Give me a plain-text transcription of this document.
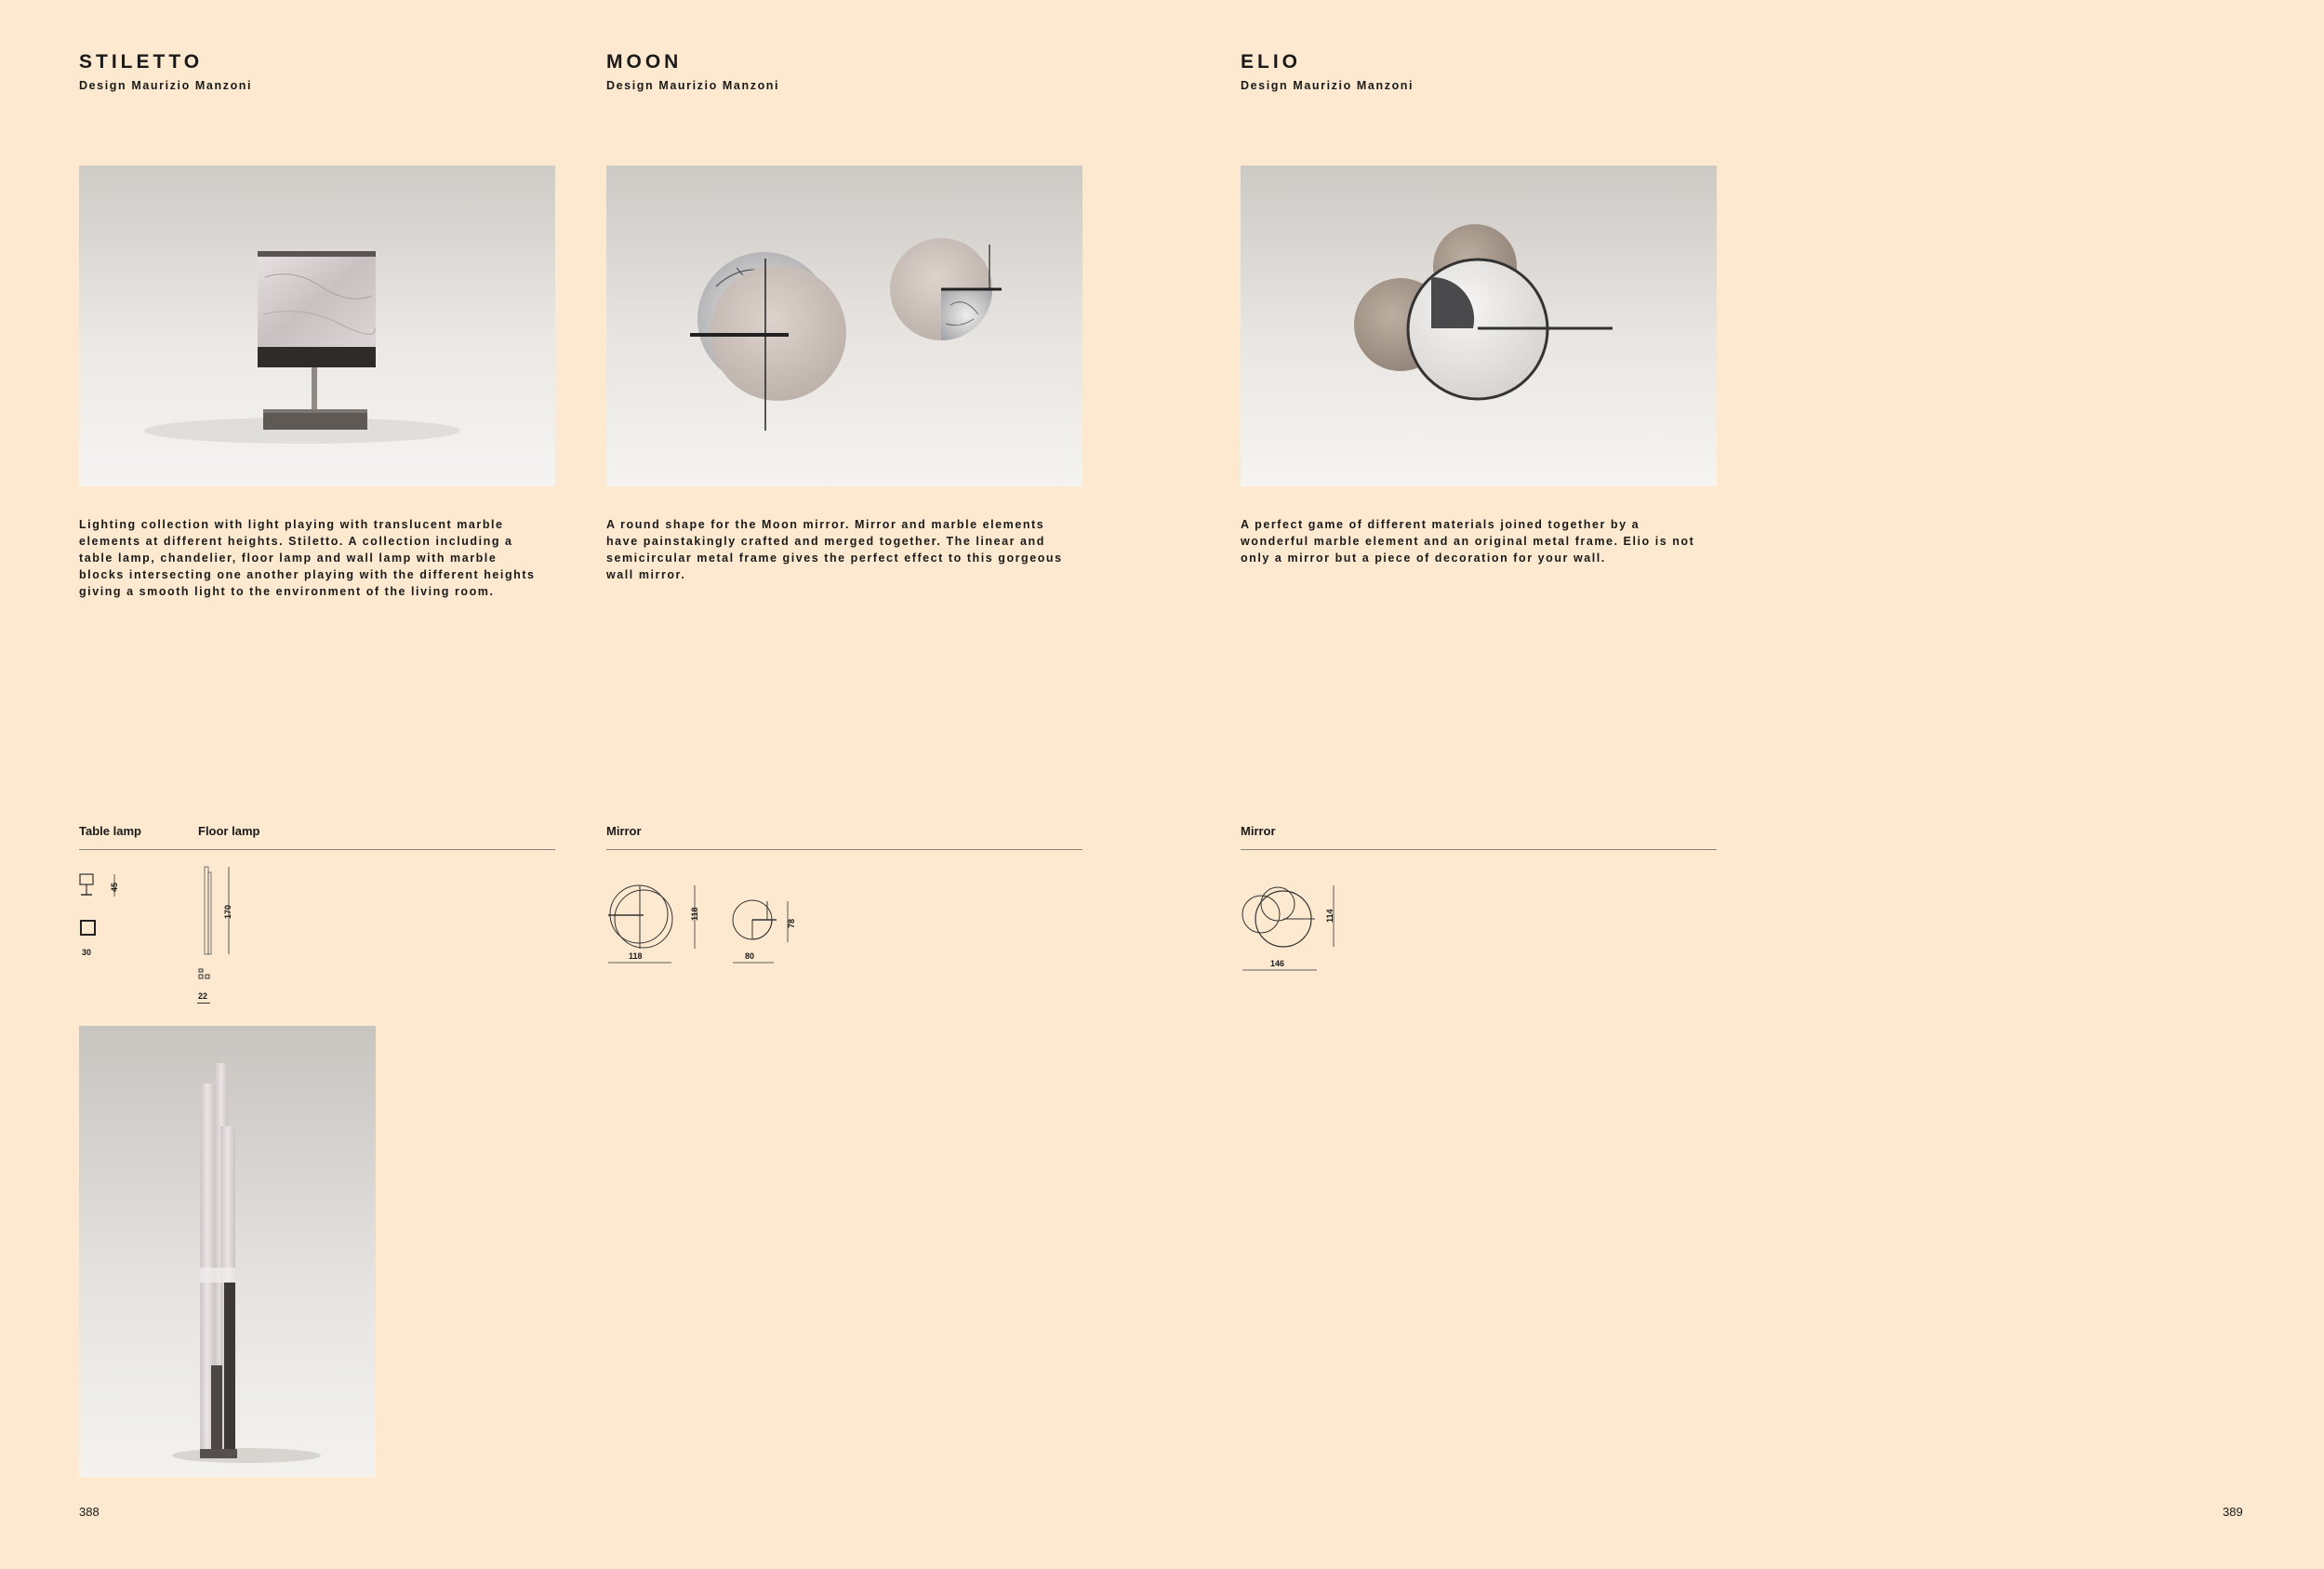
STILETTO
Design Maurizio Manzoni
Lighting collection with light playing with translucent marble
elements at different heights. Stiletto. A collection including a
table lamp, chandelier, floor lamp and wall lamp with marble
blocks intersecting one another playing with the different heights
giving a smooth light to the environment of the living room.
Table lamp	Floor lamp
45
30
170
22
388
MOON
Design Maurizio Manzoni
A round shape for the Moon mirror. Mirror and marble elements
have painstakingly crafted and merged together. The linear and
semicircular metal frame gives the perfect effect to this gorgeous
wall mirror.
Mirror
118
118
78
80
ELIO
Design Maurizio Manzoni
A perfect game of different materials joined together by a
wonderful marble element and an original metal frame. Elio is not
only a mirror but a piece of decoration for your wall.
Mirror
114
146
389
